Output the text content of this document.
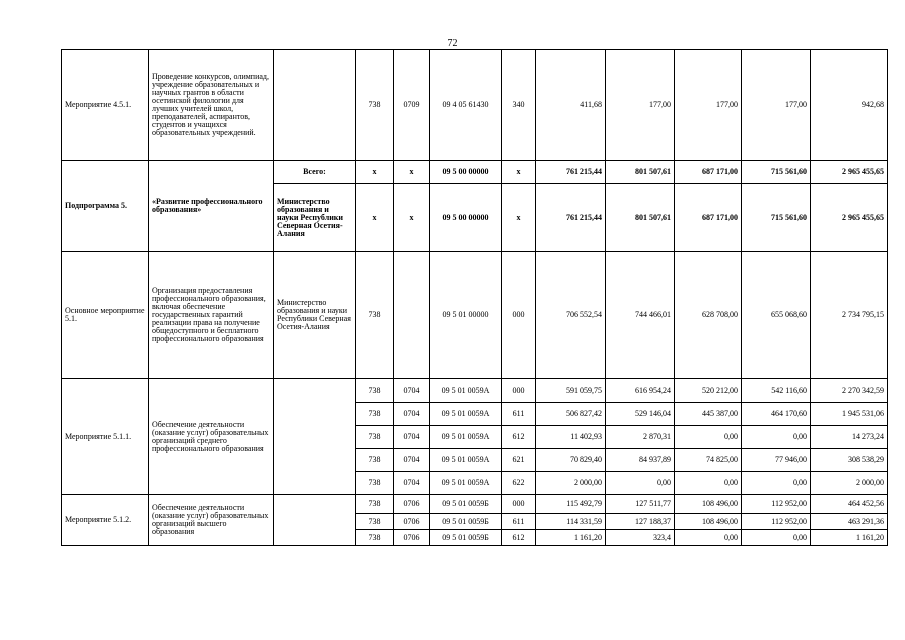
72
Мероприятие 4.5.1.	Проведение конкурсов, олимпиад, учреждение образовательных и научных грантов в области осетинской филологии для лучших учителей школ, преподавателей, аспирантов, студентов и учащихся образовательных учреждений.		738	0709	09 4 05 61430	340	411,68	177,00	177,00	177,00	942,68
Подпрограмма 5.	«Развитие профессионального образования»	Всего:	х	х	09 5 00 00000	х	761 215,44	801 507,61	687 171,00	715 561,60	2 965 455,65
		Министерство образования и науки Республики Северная Осетия-Алания	х	х	09 5 00 00000	х	761 215,44	801 507,61	687 171,00	715 561,60	2 965 455,65
Основное мероприятие 5.1.	Организация предоставления профессионального образования, включая обеспечение государственных гарантий реализации права на получение общедоступного и бесплатного профессионального образования	Министерство образования и науки Республики Северная Осетия-Алания	738		09 5 01 00000	000	706 552,54	744 466,01	628 708,00	655 068,60	2 734 795,15
Мероприятие 5.1.1.	Обеспечение деятельности (оказание услуг) образовательных организаций среднего профессионального образования		738	0704	09 5 01 0059А	000	591 059,75	616 954,24	520 212,00	542 116,60	2 270 342,59
			738	0704	09 5 01 0059А	611	506 827,42	529 146,04	445 387,00	464 170,60	1 945 531,06
			738	0704	09 5 01 0059А	612	11 402,93	2 870,31	0,00	0,00	14 273,24
			738	0704	09 5 01 0059А	621	70 829,40	84 937,89	74 825,00	77 946,00	308 538,29
			738	0704	09 5 01 0059А	622	2 000,00	0,00	0,00	0,00	2 000,00
Мероприятие 5.1.2.	Обеспечение деятельности (оказание услуг) образовательных организаций высшего образования		738	0706	09 5 01 0059Б	000	115 492,79	127 511,77	108 496,00	112 952,00	464 452,56
			738	0706	09 5 01 0059Б	611	114 331,59	127 188,37	108 496,00	112 952,00	463 291,36
			738	0706	09 5 01 0059Б	612	1 161,20	323,4	0,00	0,00	1 161,20
